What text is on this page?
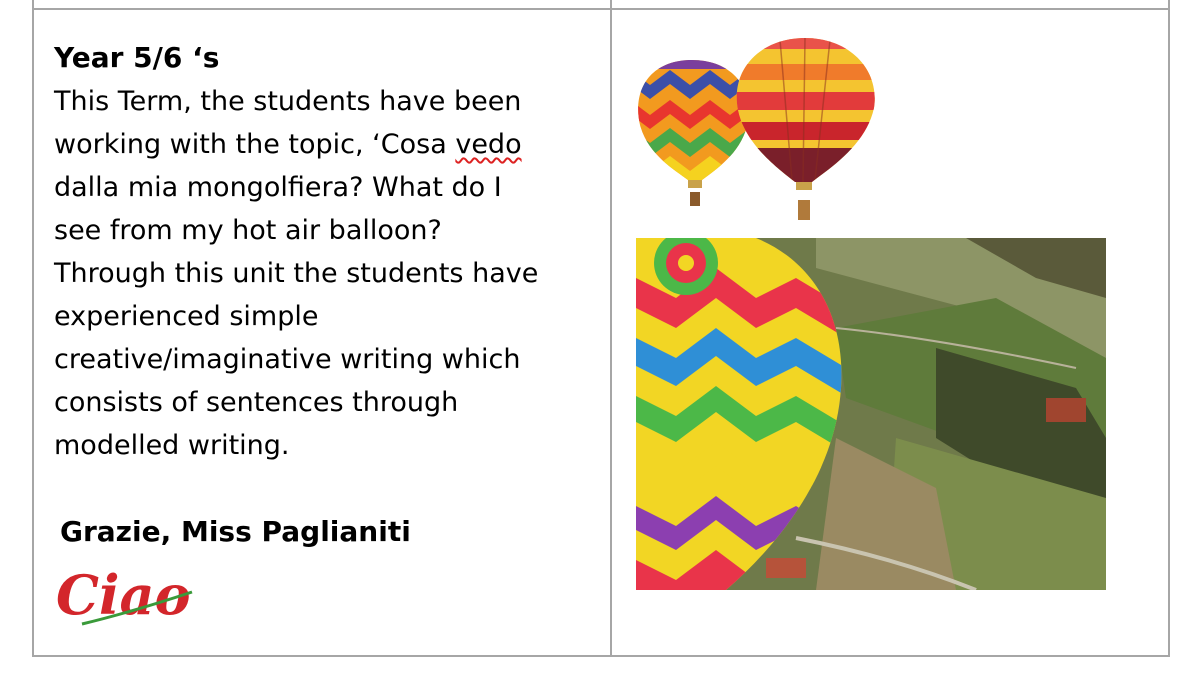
Year 5/6 ‘s

This Term, the students have been

working with the topic, ‘Cosa vedo

dalla mia mongolfiera? What do I

see from my hot air balloon?

Through this unit the students have

experienced simple

creative/imaginative writing which

consists of sentences through

modelled writing.

Grazie, Miss Paglianiti
Ciao
